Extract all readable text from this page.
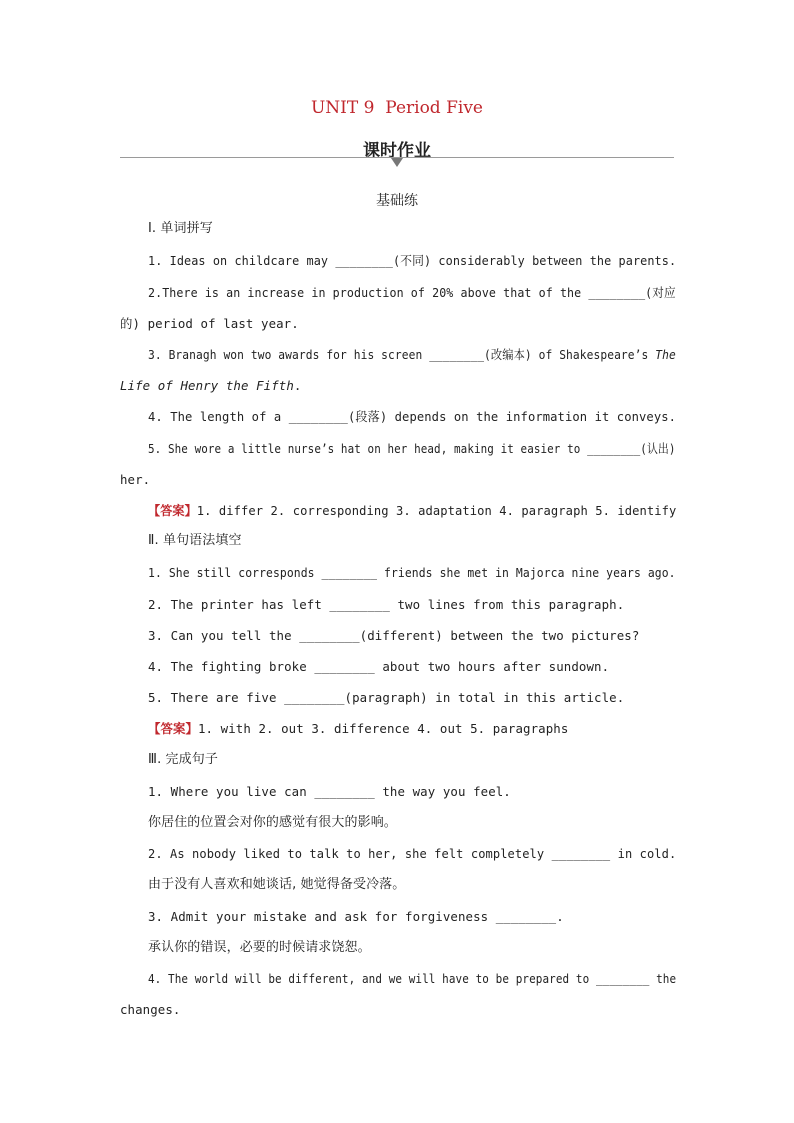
UNIT 9  Period Five
课时作业
基础练
Ⅰ. 单词拼写
1. Ideas on childcare may ________(不同) considerably between the parents.
2.There is an increase in production of 20% above that of the ________(对应
的) period of last year.
3. Branagh won two awards for his screen ________(改编本) of Shakespeare’s The
Life of Henry the Fifth.
4. The length of a ________(段落) depends on the information it conveys.
5. She wore a little nurse’s hat on her head, making it easier to ________(认出)
her.
【答案】1. differ 2. corresponding 3. adaptation 4. paragraph 5. identify
Ⅱ. 单句语法填空
1. She still corresponds ________ friends she met in Majorca nine years ago.
2. The printer has left ________ two lines from this paragraph.
3. Can you tell the ________(different) between the two pictures?
4. The fighting broke ________ about two hours after sundown.
5. There are five ________(paragraph) in total in this article.
【答案】1. with 2. out 3. difference 4. out 5. paragraphs
Ⅲ. 完成句子
1. Where you live can ________ the way you feel.
你居住的位置会对你的感觉有很大的影响。
2. As nobody liked to talk to her, she felt completely ________ in cold.
由于没有人喜欢和她谈话, 她觉得备受冷落。
3. Admit your mistake and ask for forgiveness ________.
承认你的错误，必要的时候请求饶恕。
4. The world will be different, and we will have to be prepared to ________ the
changes.
